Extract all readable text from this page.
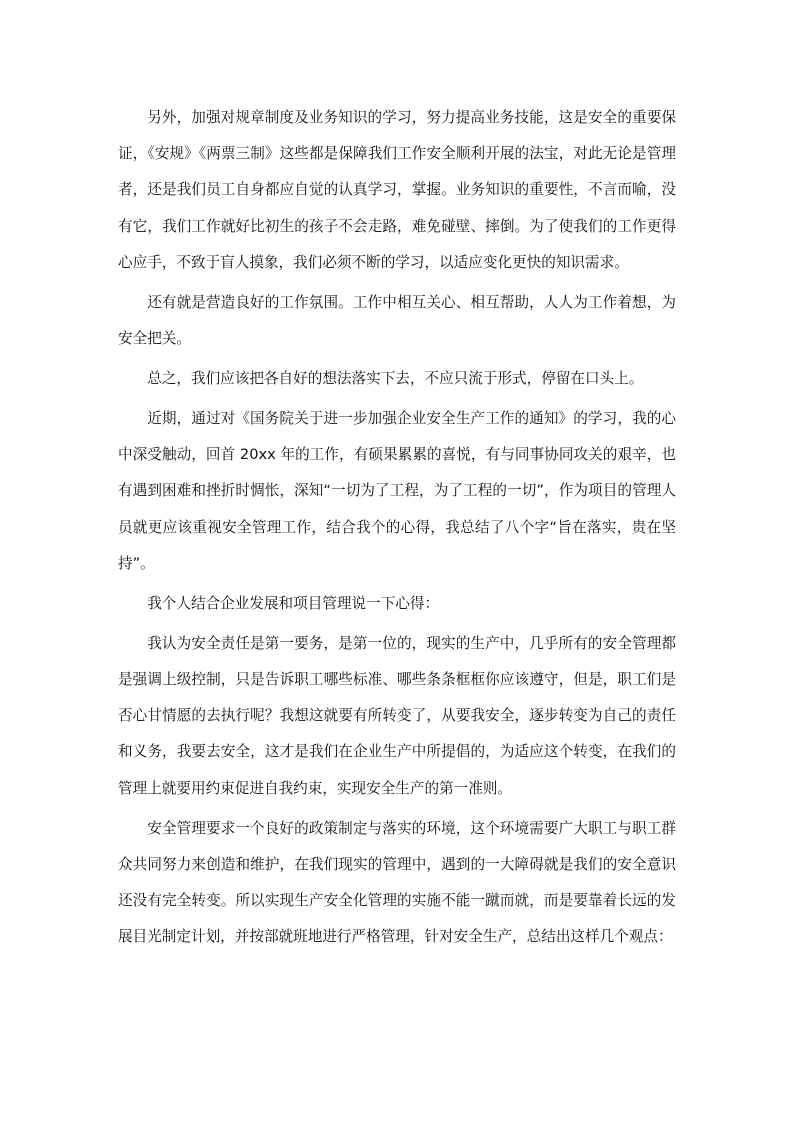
另外，加强对规章制度及业务知识的学习，努力提高业务技能，这是安全的重要保证，《安规》《两票三制》这些都是保障我们工作安全顺利开展的法宝，对此无论是管理者，还是我们员工自身都应自觉的认真学习，掌握。业务知识的重要性，不言而喻，没有它，我们工作就好比初生的孩子不会走路，难免碰壁、摔倒。为了使我们的工作更得心应手，不致于盲人摸象，我们必须不断的学习，以适应变化更快的知识需求。

还有就是营造良好的工作氛围。工作中相互关心、相互帮助，人人为工作着想，为安全把关。

总之，我们应该把各自好的想法落实下去，不应只流于形式，停留在口头上。

近期，通过对《国务院关于进一步加强企业安全生产工作的通知》的学习，我的心中深受触动，回首 20xx 年的工作，有硕果累累的喜悦，有与同事协同攻关的艰辛，也有遇到困难和挫折时惆怅，深知“一切为了工程，为了工程的一切”，作为项目的管理人员就更应该重视安全管理工作，结合我个的心得，我总结了八个字“旨在落实，贵在坚持”。

我个人结合企业发展和项目管理说一下心得：

我认为安全责任是第一要务，是第一位的，现实的生产中，几乎所有的安全管理都是强调上级控制，只是告诉职工哪些标准、哪些条条框框你应该遵守，但是，职工们是否心甘情愿的去执行呢？我想这就要有所转变了，从要我安全，逐步转变为自己的责任和义务，我要去安全，这才是我们在企业生产中所提倡的，为适应这个转变，在我们的管理上就要用约束促进自我约束，实现安全生产的第一准则。

安全管理要求一个良好的政策制定与落实的环境，这个环境需要广大职工与职工群众共同努力来创造和维护，在我们现实的管理中，遇到的一大障碍就是我们的安全意识还没有完全转变。所以实现生产安全化管理的实施不能一蹴而就，而是要靠着长远的发展目光制定计划，并按部就班地进行严格管理，针对安全生产，总结出这样几个观点：
